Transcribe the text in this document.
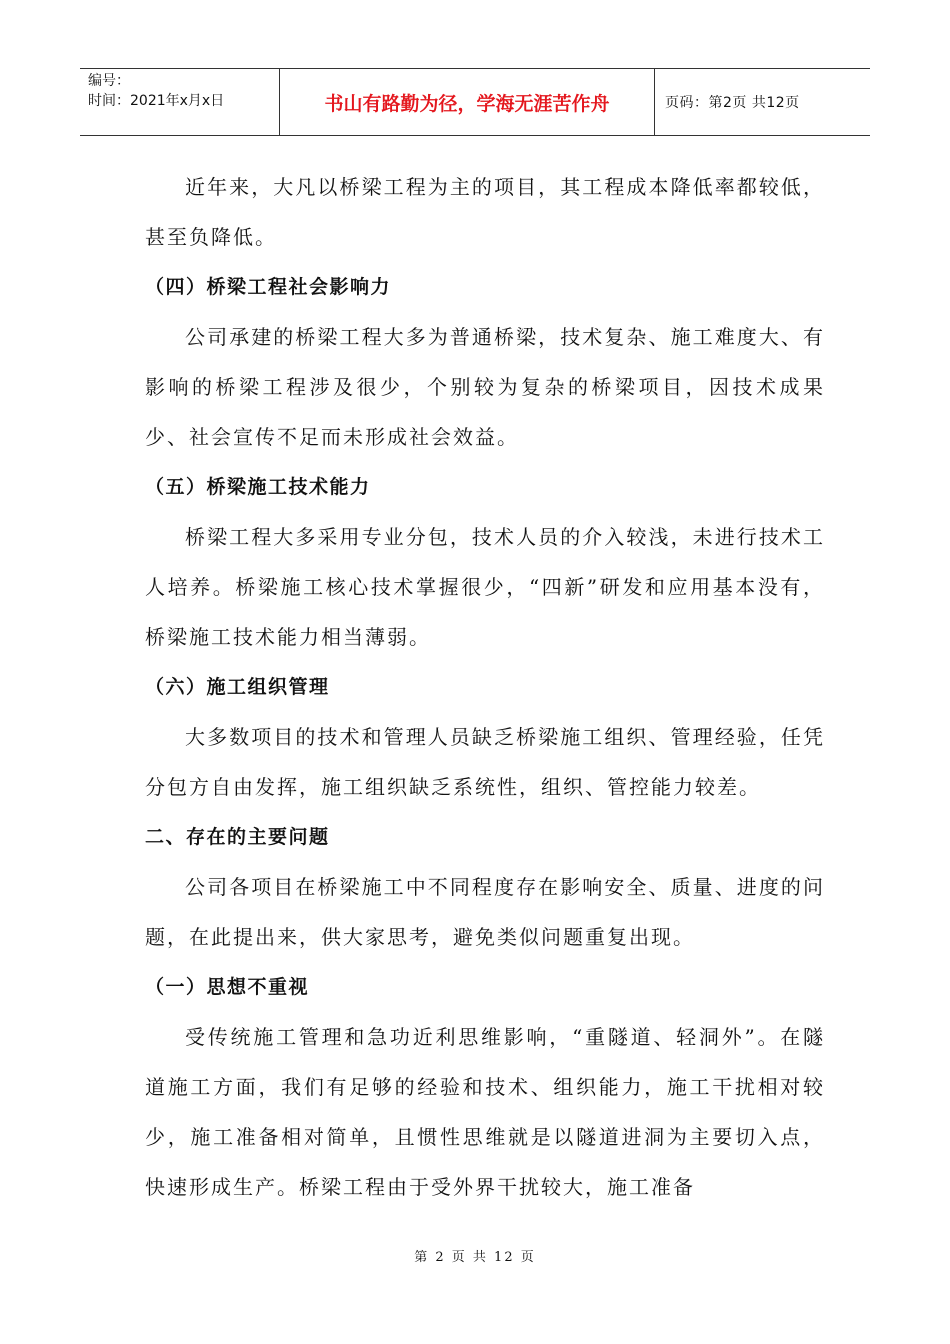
编号：
时间：2021年x月x日	书山有路勤为径，学海无涯苦作舟	页码：第2页 共12页

近年来，大凡以桥梁工程为主的项目，其工程成本降低率都较低，甚至负降低。

（四）桥梁工程社会影响力

公司承建的桥梁工程大多为普通桥梁，技术复杂、施工难度大、有影响的桥梁工程涉及很少，个别较为复杂的桥梁项目，因技术成果少、社会宣传不足而未形成社会效益。

（五）桥梁施工技术能力

桥梁工程大多采用专业分包，技术人员的介入较浅，未进行技术工人培养。桥梁施工核心技术掌握很少，“四新”研发和应用基本没有，桥梁施工技术能力相当薄弱。

（六）施工组织管理

大多数项目的技术和管理人员缺乏桥梁施工组织、管理经验，任凭分包方自由发挥，施工组织缺乏系统性，组织、管控能力较差。

二、存在的主要问题

公司各项目在桥梁施工中不同程度存在影响安全、质量、进度的问题，在此提出来，供大家思考，避免类似问题重复出现。

（一）思想不重视

受传统施工管理和急功近利思维影响，“重隧道、轻洞外”。在隧道施工方面，我们有足够的经验和技术、组织能力，施工干扰相对较少，施工准备相对简单，且惯性思维就是以隧道进洞为主要切入点，快速形成生产。桥梁工程由于受外界干扰较大，施工准备

第 2 页 共 12 页
